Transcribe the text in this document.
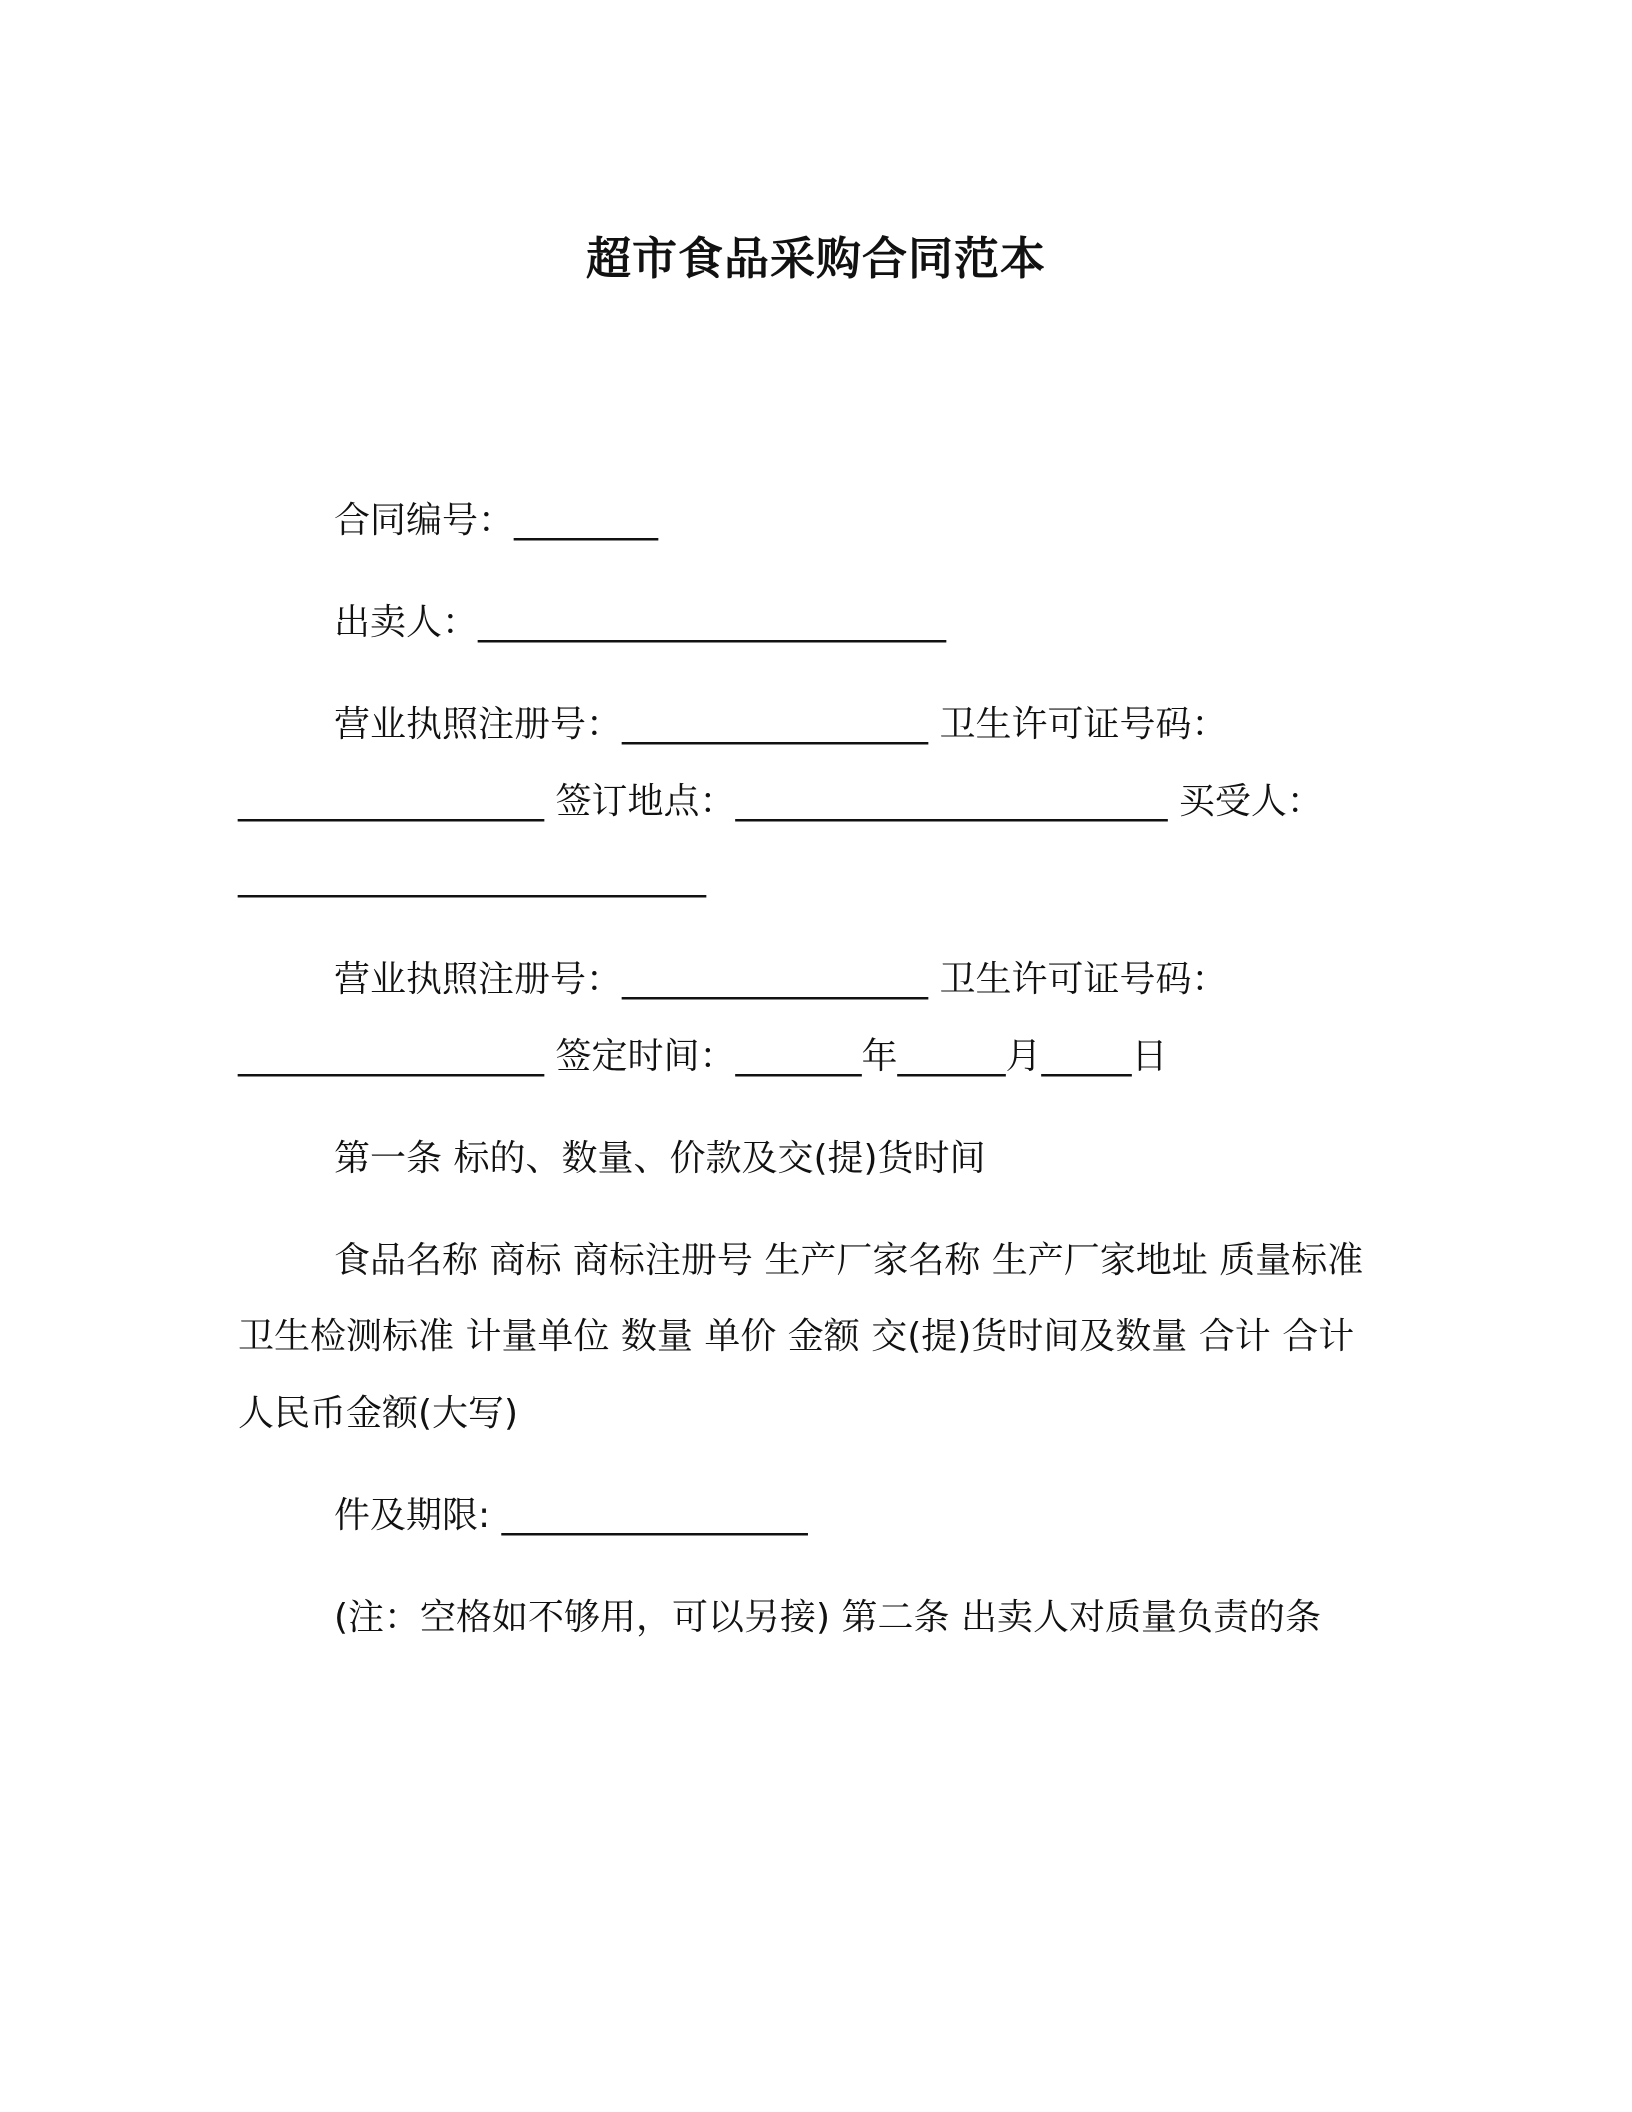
超市食品采购合同范本
合同编号：________
出卖人：__________________________
营业执照注册号：_________________ 卫生许可证号码：
_________________ 签订地点：________________________ 买受人：
__________________________
营业执照注册号：_________________ 卫生许可证号码：
_________________ 签定时间：_______年______月_____日
第一条 标的、数量、价款及交(提)货时间
食品名称 商标 商标注册号 生产厂家名称 生产厂家地址 质量标准
卫生检测标准 计量单位 数量 单价 金额 交(提)货时间及数量 合计 合计
人民币金额(大写)
件及期限: _________________
(注：空格如不够用，可以另接) 第二条 出卖人对质量负责的条
